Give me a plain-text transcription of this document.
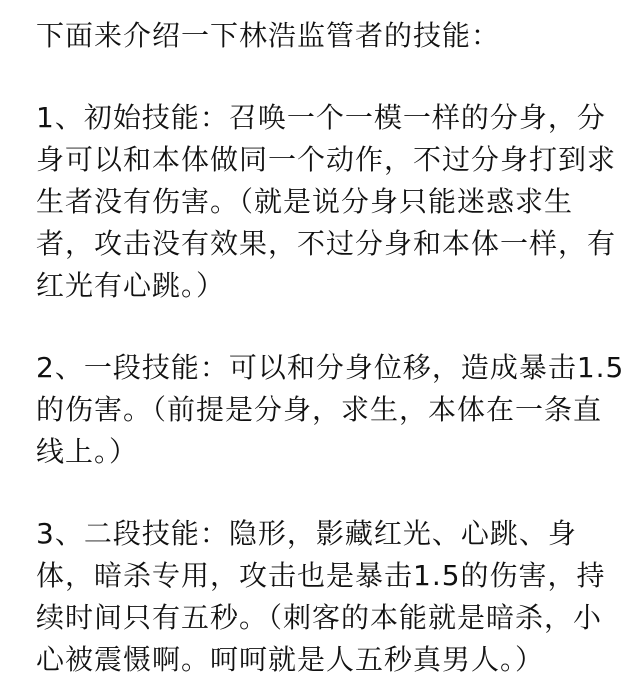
下面来介绍一下林浩监管者的技能：

1、初始技能：召唤一个一模一样的分身，分
身可以和本体做同一个动作，不过分身打到求
生者没有伤害。（就是说分身只能迷惑求生
者，攻击没有效果，不过分身和本体一样，有
红光有心跳。）

2、一段技能：可以和分身位移，造成暴击1.5
的伤害。（前提是分身，求生，本体在一条直
线上。）

3、二段技能：隐形，影藏红光、心跳、身
体，暗杀专用，攻击也是暴击1.5的伤害，持
续时间只有五秒。（刺客的本能就是暗杀，小
心被震慑啊。呵呵就是人五秒真男人。）
